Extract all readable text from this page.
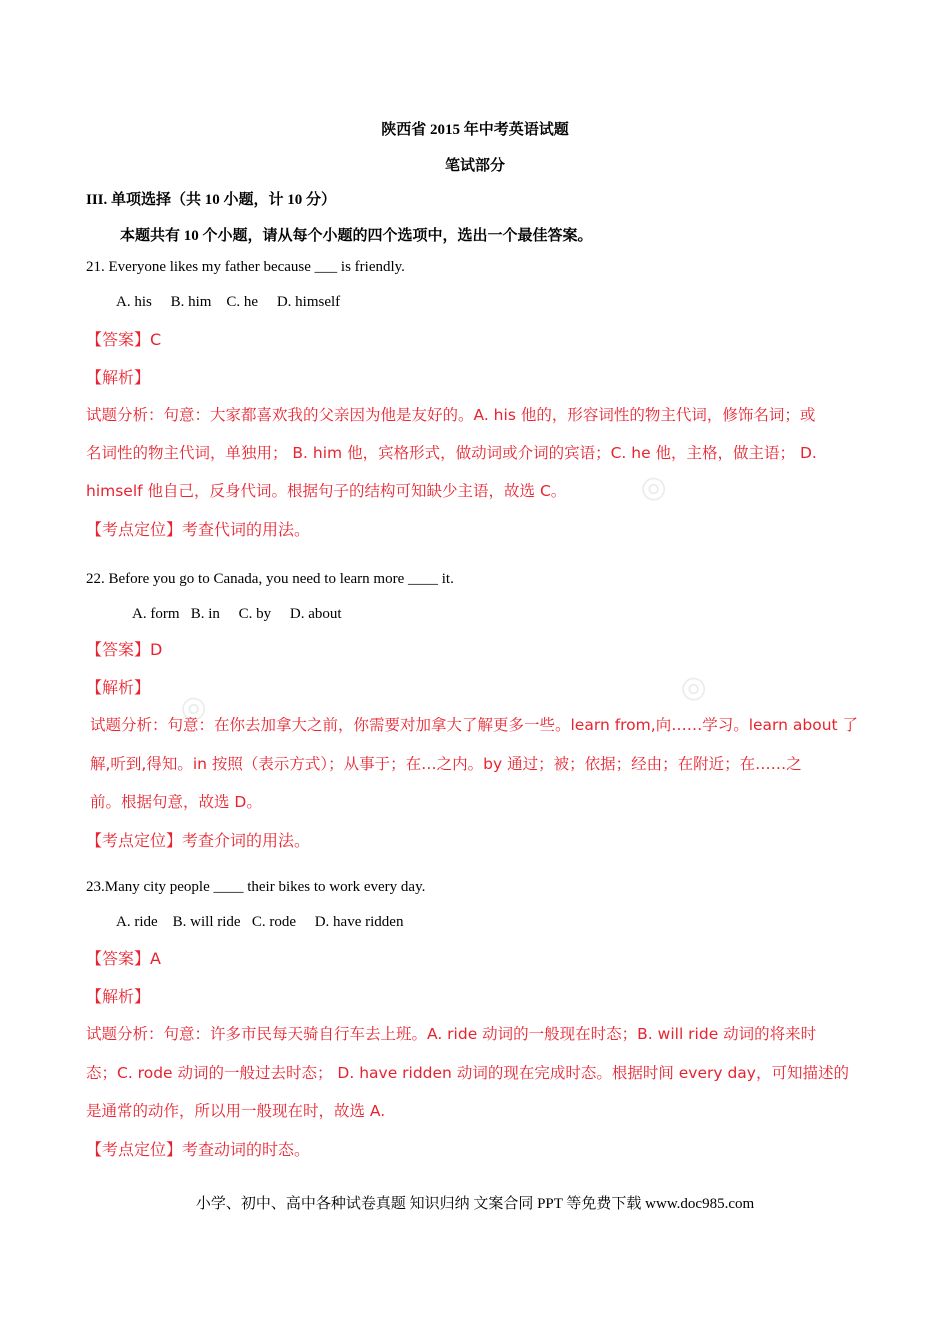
◎
◎
◎
陕西省 2015 年中考英语试题
笔试部分
III. 单项选择（共 10 小题，计 10 分）
本题共有 10 个小题，请从每个小题的四个选项中，选出一个最佳答案。
21. Everyone likes my father because ___ is friendly.
A. his     B. him    C. he     D. himself
【答案】C
【解析】
试题分析：句意：大家都喜欢我的父亲因为他是友好的。A. his 他的，形容词性的物主代词，修饰名词；或
名词性的物主代词，单独用； B. him 他，宾格形式，做动词或介词的宾语；C. he 他，主格，做主语； D.
himself 他自己，反身代词。根据句子的结构可知缺少主语，故选 C。
【考点定位】考查代词的用法。
22. Before you go to Canada, you need to learn more ____ it.
A. form   B. in     C. by     D. about
【答案】D
【解析】
试题分析：句意：在你去加拿大之前，你需要对加拿大了解更多一些。learn from,向……学习。learn about 了
解,听到,得知。in 按照（表示方式）；从事于；在…之内。by 通过；被；依据；经由；在附近；在……之
前。根据句意，故选 D。
【考点定位】考查介词的用法。
23.Many city people ____ their bikes to work every day.
A. ride    B. will ride   C. rode     D. have ridden
【答案】A
【解析】
试题分析：句意：许多市民每天骑自行车去上班。A. ride 动词的一般现在时态；B. will ride 动词的将来时
态；C. rode 动词的一般过去时态； D. have ridden 动词的现在完成时态。根据时间 every day，可知描述的
是通常的动作，所以用一般现在时，故选 A.
【考点定位】考查动词的时态。
小学、初中、高中各种试卷真题 知识归纳 文案合同 PPT 等免费下载 www.doc985.com
